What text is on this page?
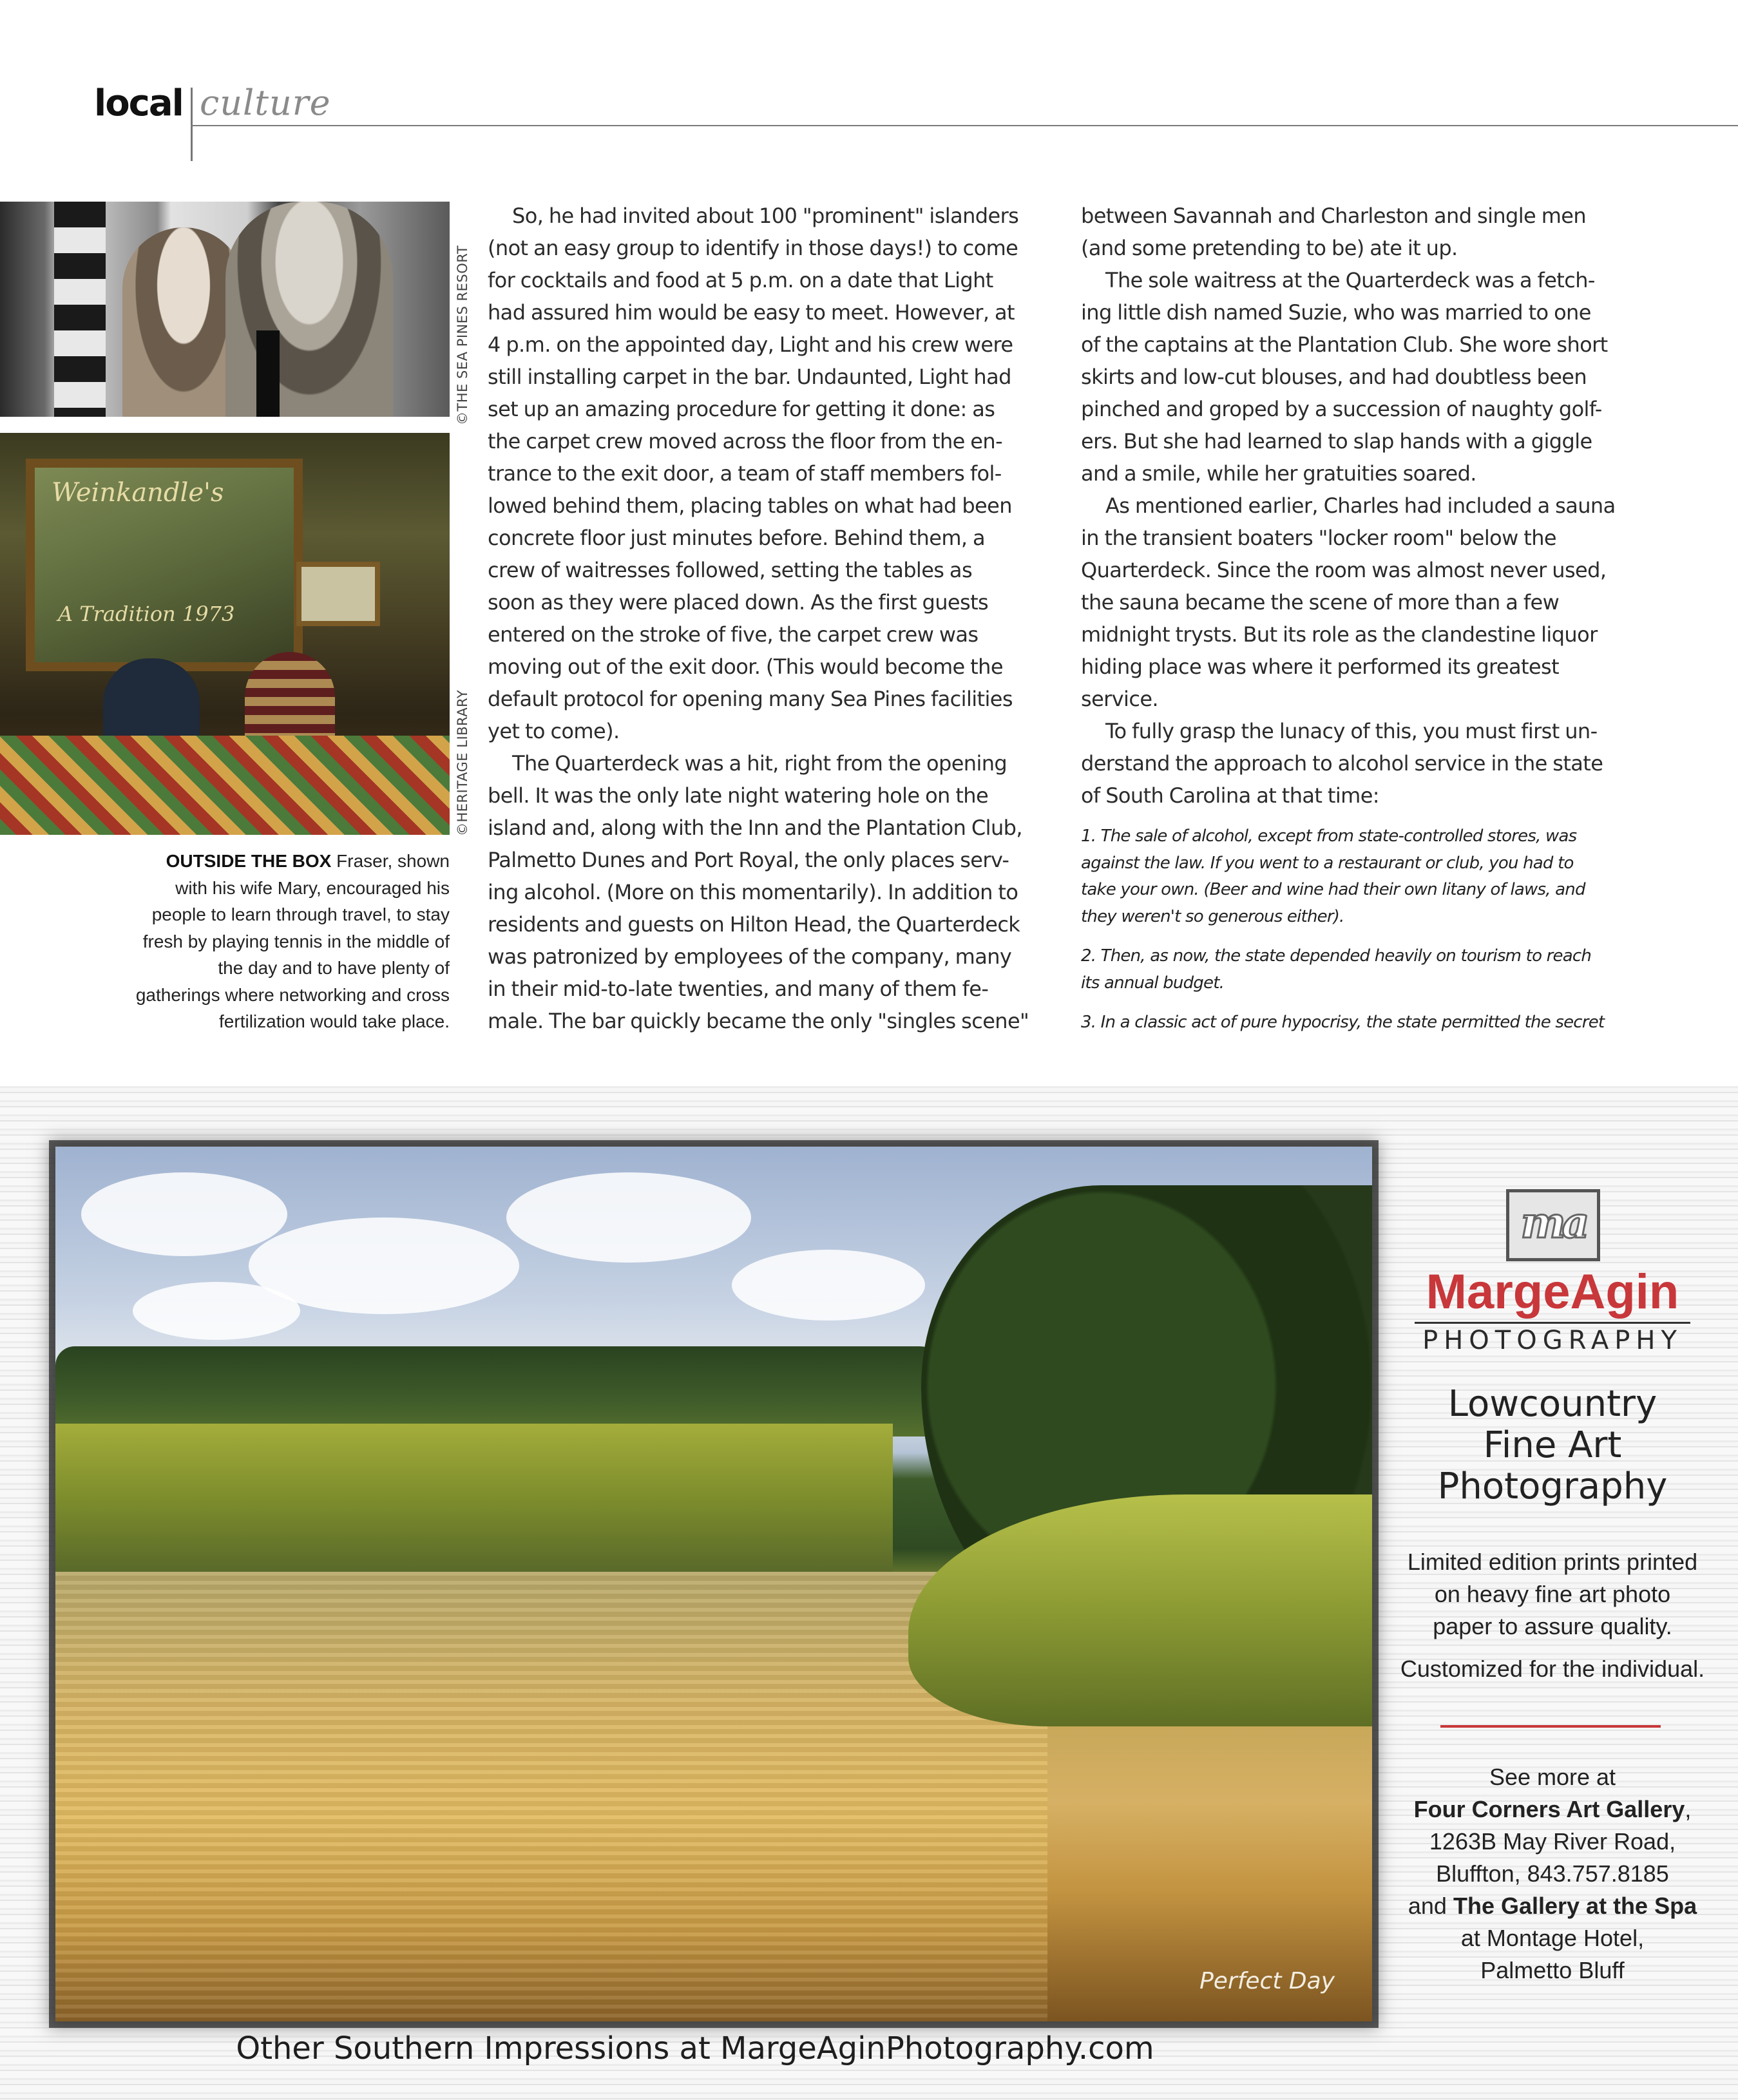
local culture
©THE SEA PINES RESORT
Weinkandle's
A Tradition 1973
©HERITAGE LIBRARY
OUTSIDE THE BOX Fraser, shown with his wife Mary, encouraged his people to learn through travel, to stay fresh by playing tennis in the middle of the day and to have plenty of gatherings where networking and cross fertilization would take place.
So, he had invited about 100 "prominent" islanders
(not an easy group to identify in those days!) to come
for cocktails and food at 5 p.m. on a date that Light
had assured him would be easy to meet. However, at
4 p.m. on the appointed day, Light and his crew were
still installing carpet in the bar. Undaunted, Light had
set up an amazing procedure for getting it done: as
the carpet crew moved across the floor from the en-
trance to the exit door, a team of staff members fol-
lowed behind them, placing tables on what had been
concrete floor just minutes before. Behind them, a
crew of waitresses followed, setting the tables as
soon as they were placed down. As the first guests
entered on the stroke of five, the carpet crew was
moving out of the exit door. (This would become the
default protocol for opening many Sea Pines facilities
yet to come).
The Quarterdeck was a hit, right from the opening
bell. It was the only late night watering hole on the
island and, along with the Inn and the Plantation Club,
Palmetto Dunes and Port Royal, the only places serv-
ing alcohol. (More on this momentarily). In addition to
residents and guests on Hilton Head, the Quarterdeck
was patronized by employees of the company, many
in their mid-to-late twenties, and many of them fe-
male. The bar quickly became the only "singles scene"
between Savannah and Charleston and single men
(and some pretending to be) ate it up.
The sole waitress at the Quarterdeck was a fetch-
ing little dish named Suzie, who was married to one
of the captains at the Plantation Club. She wore short
skirts and low-cut blouses, and had doubtless been
pinched and groped by a succession of naughty golf-
ers. But she had learned to slap hands with a giggle
and a smile, while her gratuities soared.
As mentioned earlier, Charles had included a sauna
in the transient boaters "locker room" below the
Quarterdeck. Since the room was almost never used,
the sauna became the scene of more than a few
midnight trysts. But its role as the clandestine liquor
hiding place was where it performed its greatest
service.
To fully grasp the lunacy of this, you must first un-
derstand the approach to alcohol service in the state
of South Carolina at that time:
1. The sale of alcohol, except from state-controlled stores, was
against the law. If you went to a restaurant or club, you had to
take your own. (Beer and wine had their own litany of laws, and
they weren't so generous either).
2. Then, as now, the state depended heavily on tourism to reach
its annual budget.
3. In a classic act of pure hypocrisy, the state permitted the secret
Perfect Day
ma
MargeAgin
PHOTOGRAPHY
Lowcountry
Fine Art
Photography
Limited edition prints printed
on heavy fine art photo
paper to assure quality.
Customized for the individual.
See more at
Four Corners Art Gallery,
1263B May River Road,
Bluffton, 843.757.8185
and The Gallery at the Spa
at Montage Hotel,
Palmetto Bluff
Other Southern Impressions at MargeAginPhotography.com
